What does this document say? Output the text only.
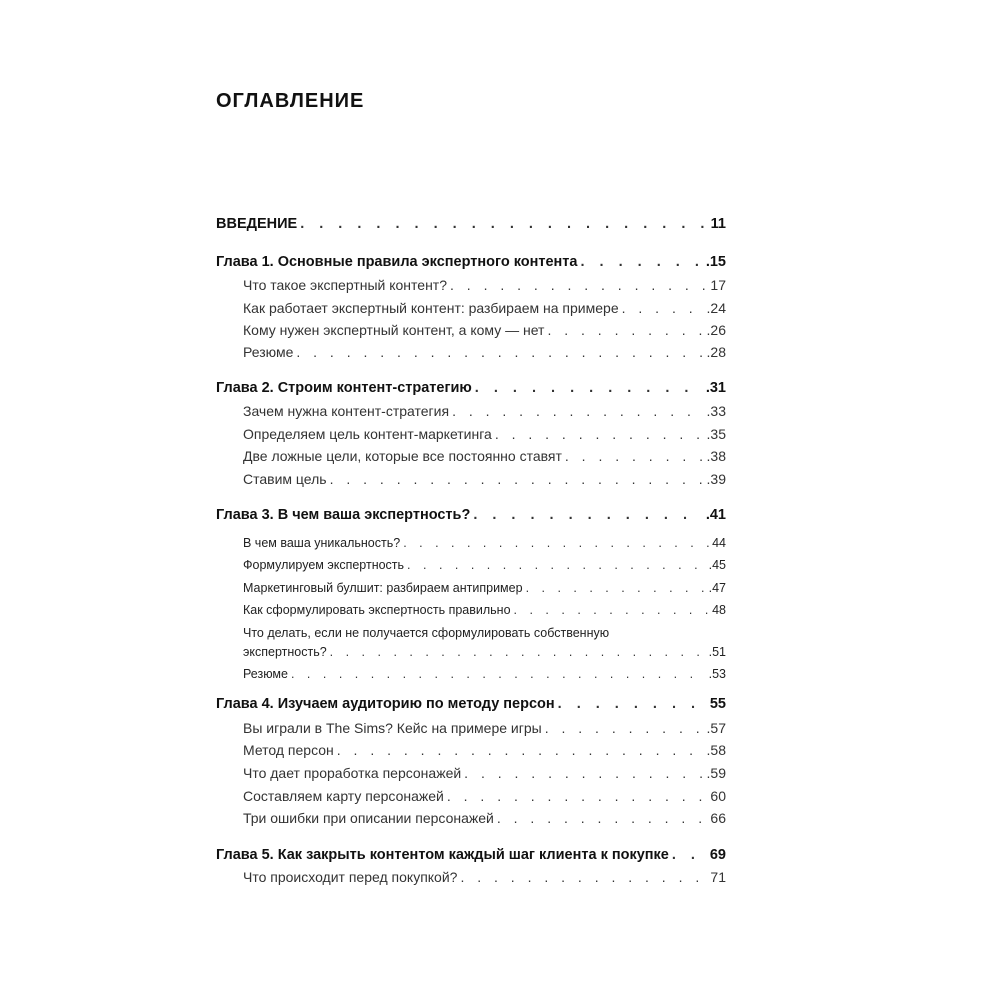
ОГЛАВЛЕНИЕ
ВВЕДЕНИЕ . . .	11
Глава 1. Основные правила экспертного контента . . .	.15
Что такое экспертный контент? . . .	17
Как работает экспертный контент: разбираем на примере . . .	.24
Кому нужен экспертный контент, а кому — нет . . .	.26
Резюме . . .	.28
Глава 2. Строим контент-стратегию . . .	.31
Зачем нужна контент-стратегия . . .	.33
Определяем цель контент-маркетинга . . .	.35
Две ложные цели, которые все постоянно ставят . . .	.38
Ставим цель . . .	.39
Глава 3. В чем ваша экспертность? . . .	.41
В чем ваша уникальность? . . .	44
Формулируем экспертность . . .	.45
Маркетинговый булшит: разбираем антипример . . .	.47
Как сформулировать экспертность правильно . . .	48
Что делать, если не получается сформулировать собственную
экспертность? . . .	.51
Резюме . . .	.53
Глава 4. Изучаем аудиторию по методу персон . . .	55
Вы играли в The Sims? Кейс на примере игры . . .	.57
Метод персон . . .	.58
Что дает проработка персонажей . . .	.59
Составляем карту персонажей . . .	60
Три ошибки при описании персонажей . . .	66
Глава 5. Как закрыть контентом каждый шаг клиента к покупке . . .	69
Что происходит перед покупкой? . . .	71
